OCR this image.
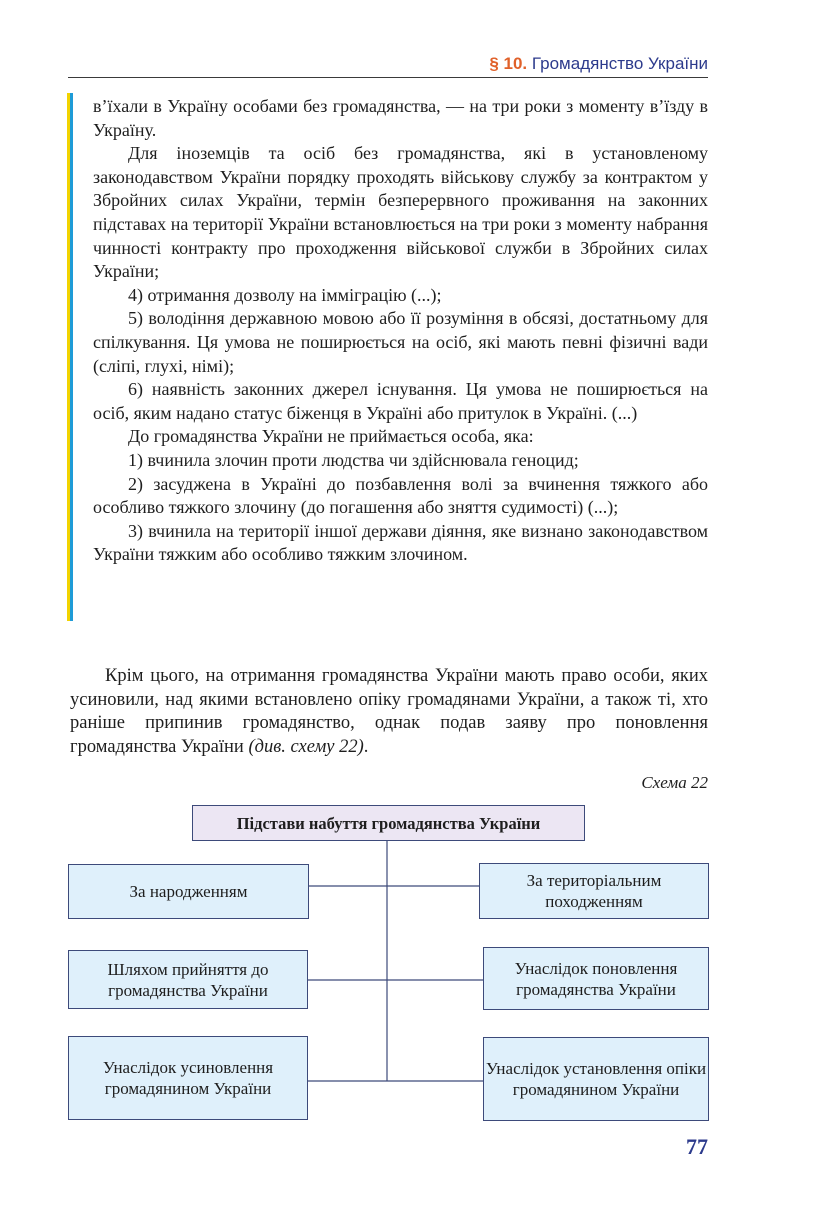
§ 10. Громадянство України

в’їхали в Україну особами без громадянства, — на три роки з моменту в’їзду в Україну.

Для іноземців та осіб без громадянства, які в установленому законодавством України порядку проходять військову службу за контрактом у Збройних силах України, термін безперервного проживання на законних підставах на території України встановлюється на три роки з моменту набрання чинності контракту про проходження військової служби в Збройних силах України;

4) отримання дозволу на імміграцію (...);

5) володіння державною мовою або її розуміння в обсязі, достатньому для спілкування. Ця умова не поширюється на осіб, які мають певні фізичні вади (сліпі, глухі, німі);

6) наявність законних джерел існування. Ця умова не поширюється на осіб, яким надано статус біженця в Україні або притулок в Україні. (...)

До громадянства України не приймається особа, яка:

1) вчинила злочин проти людства чи здійснювала геноцид;

2) засуджена в Україні до позбавлення волі за вчинення тяжкого або особливо тяжкого злочину (до погашення або зняття судимості) (...);

3) вчинила на території іншої держави діяння, яке визнано законодавством України тяжким або особливо тяжким злочином.

Крім цього, на отримання громадянства України мають право особи, яких усиновили, над якими встановлено опіку громадянами України, а також ті, хто раніше припинив громадянство, однак подав заяву про поновлення громадянства України (див. схему 22).

Схема 22
Підстави набуття громадянства України
За народженням
Шляхом прийняття до громадянства України
Унаслідок усиновлення громадянином України
За територіальним походженням
Унаслідок поновлення громадянства України
Унаслідок установлення опіки громадянином України
77
